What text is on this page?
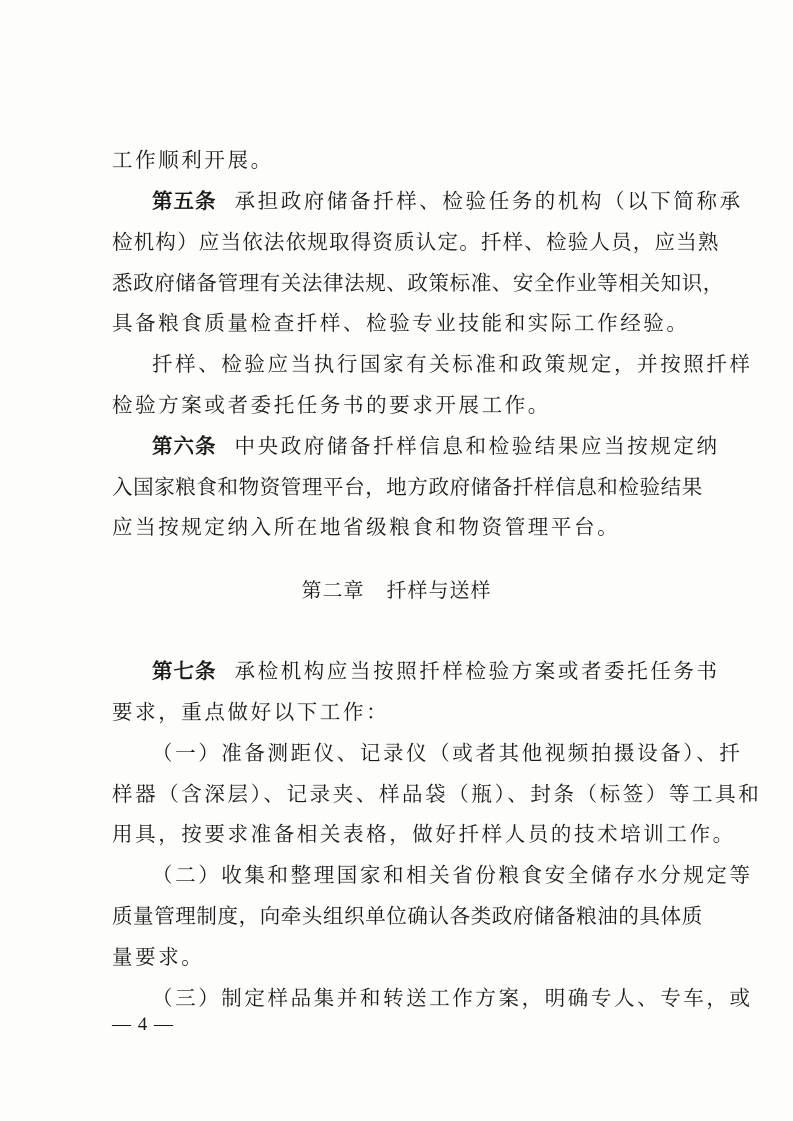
工作顺利开展。
第五条 承担政府储备扦样、检验任务的机构（以下简称承
检机构）应当依法依规取得资质认定。扦样、检验人员，应当熟
悉政府储备管理有关法律法规、政策标准、安全作业等相关知识，
具备粮食质量检查扦样、检验专业技能和实际工作经验。
扦样、检验应当执行国家有关标准和政策规定，并按照扦样
检验方案或者委托任务书的要求开展工作。
第六条 中央政府储备扦样信息和检验结果应当按规定纳
入国家粮食和物资管理平台，地方政府储备扦样信息和检验结果
应当按规定纳入所在地省级粮食和物资管理平台。
第二章 扦样与送样
第七条 承检机构应当按照扦样检验方案或者委托任务书
要求，重点做好以下工作：
（一）准备测距仪、记录仪（或者其他视频拍摄设备）、扦
样器（含深层）、记录夹、样品袋（瓶）、封条（标签）等工具和
用具，按要求准备相关表格，做好扦样人员的技术培训工作。
（二）收集和整理国家和相关省份粮食安全储存水分规定等
质量管理制度，向牵头组织单位确认各类政府储备粮油的具体质
量要求。
（三）制定样品集并和转送工作方案，明确专人、专车，或
— 4 —
